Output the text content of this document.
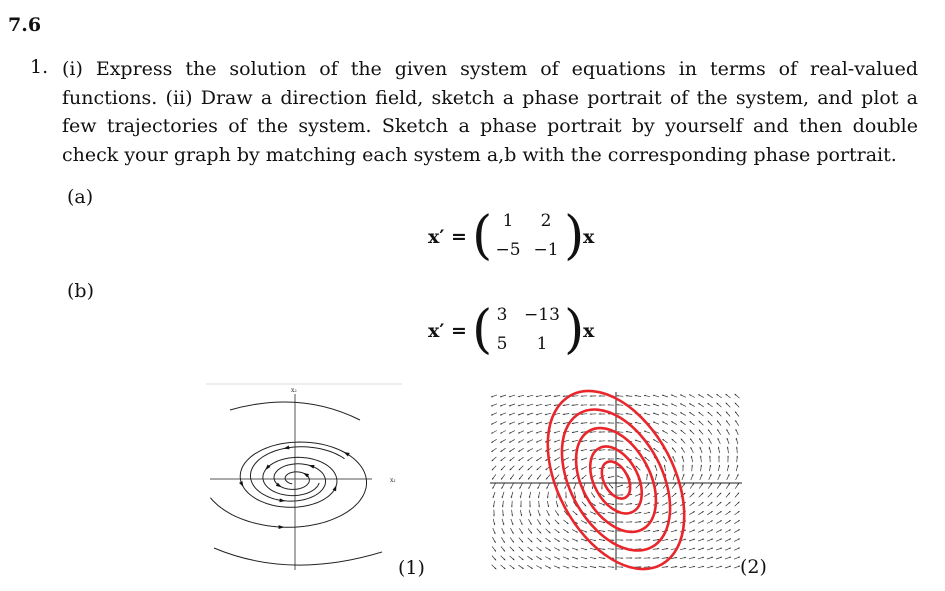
7.6
1. (i) Express the solution of the given system of equations in terms of real-valued functions. (ii) Draw a direction field, sketch a phase portrait of the system, and plot a few trajectories of the system. Sketch a phase portrait by yourself and then double check your graph by matching each system a,b with the corresponding phase portrait.
(a)
x′ = ( 1	2
−5 −1 )
x
(b)
x′ = ( 3 −13
5	1 )
x
x₂
x₁
(1)	(2)
